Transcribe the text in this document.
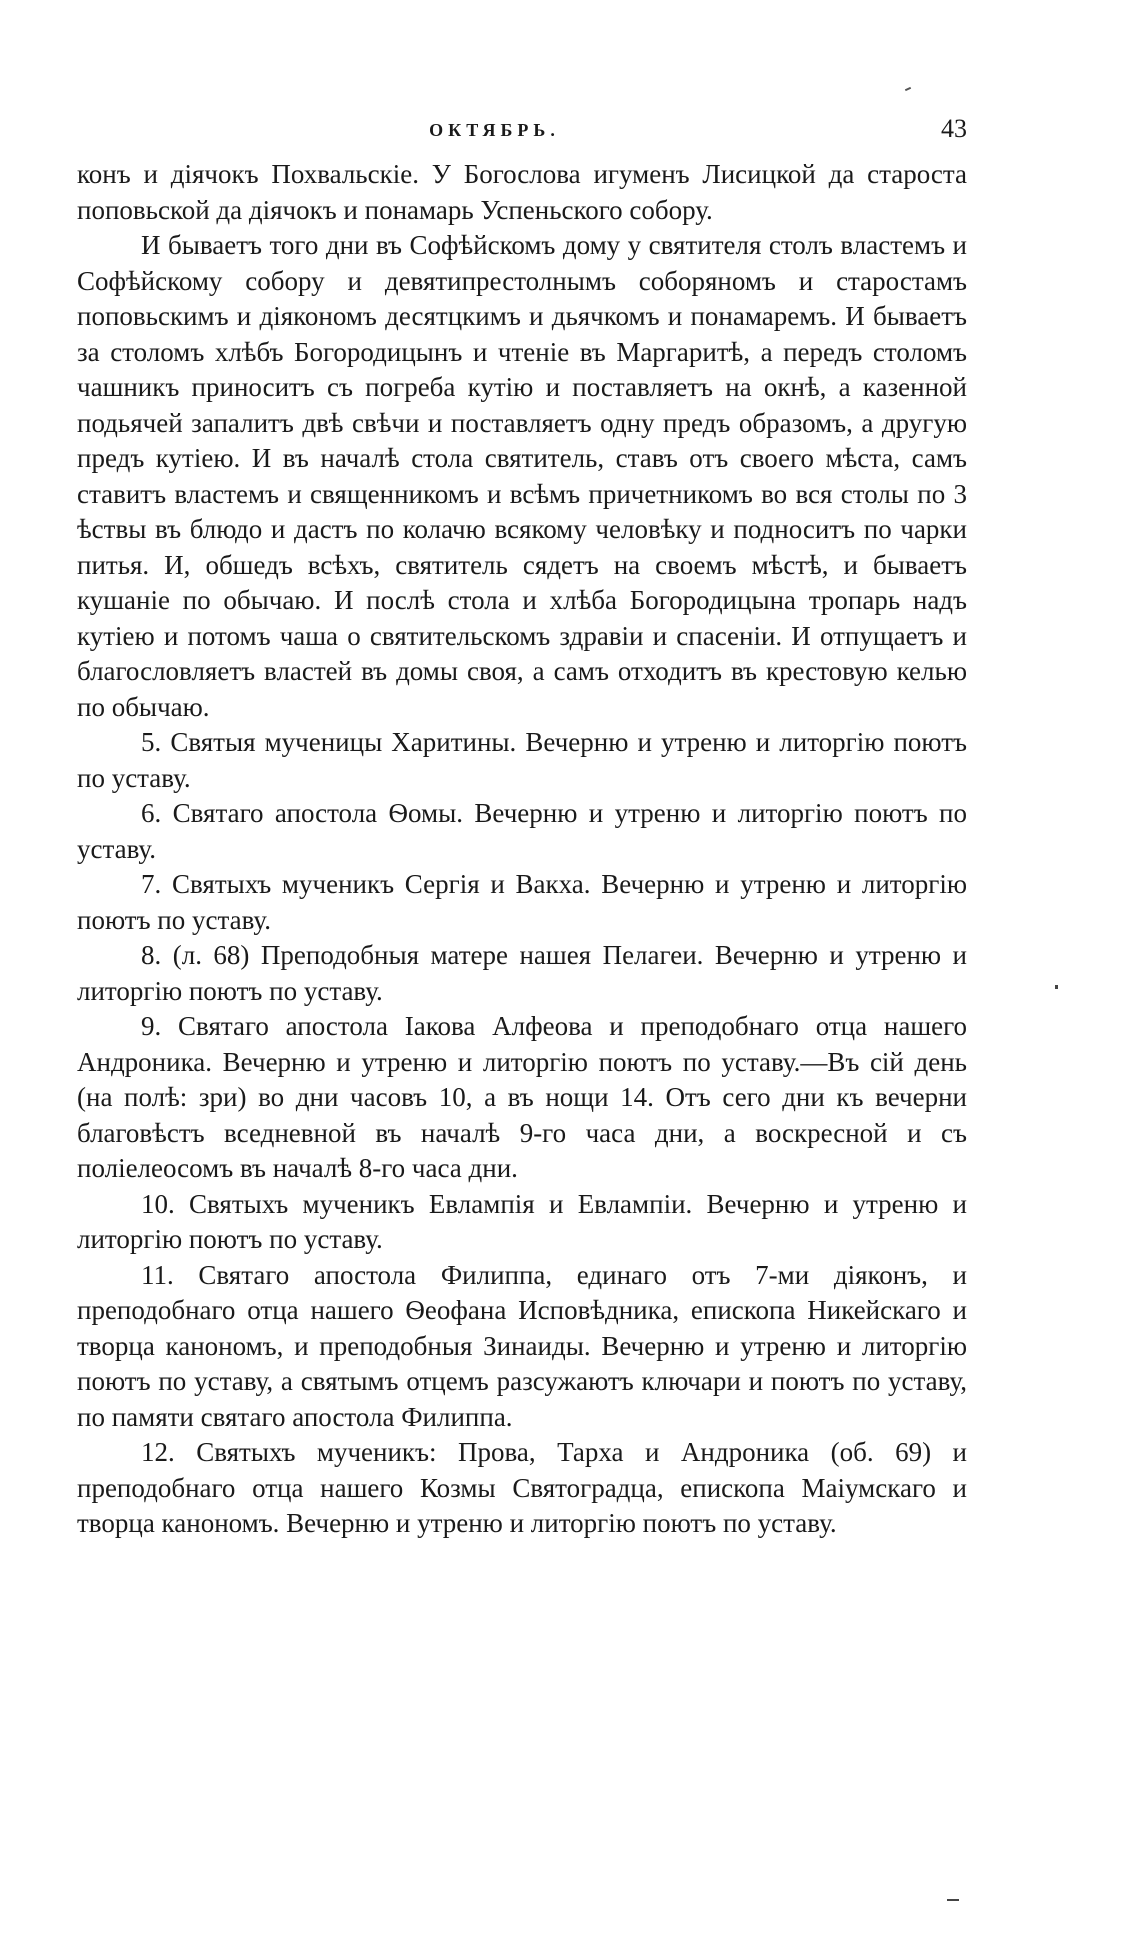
ОКТЯБРЬ.	43

конъ и дiячокъ Похвальскiе. У Богослова игуменъ Лисицкой да староста поповьской да дiячокъ и понамарь Успеньского собору.

И бываетъ того дни въ Софѣйскомъ дому у святителя столъ властемъ и Софѣйскому собору и девятипрестолнымъ соборяномъ и старостамъ поповьскимъ и дiякономъ десятцкимъ и дьячкомъ и понамаремъ. И бываетъ за столомъ хлѣбъ Богородицынъ и чтенiе въ Маргаритѣ, а передъ столомъ чашникъ приноситъ съ погреба кутiю и поставляетъ на окнѣ, а казенной подьячей запалитъ двѣ свѣчи и поставляетъ одну предъ образомъ, а другую предъ кутiею. И въ началѣ стола святитель, ставъ отъ своего мѣста, самъ ставитъ властемъ и священникомъ и всѣмъ причетникомъ во вся столы по 3 ѣствы въ блюдо и дастъ по колачю всякому человѣку и подноситъ по чарки питья. И, обшедъ всѣхъ, святитель сядетъ на своемъ мѣстѣ, и бываетъ кушанiе по обычаю. И послѣ стола и хлѣба Богородицына тропарь надъ кутiею и потомъ чаша о святительскомъ здравiи и спасенiи. И отпущаетъ и благословляетъ властей въ домы своя, а самъ отходитъ въ крестовую келью по обычаю.

5. Святыя мученицы Харитины. Вечерню и утреню и литоргiю поютъ по уставу.

6. Святаго апостола Ѳомы. Вечерню и утреню и литоргiю поютъ по уставу.

7. Святыхъ мученикъ Сергiя и Вакха. Вечерню и утреню и литоргiю поютъ по уставу.

8. (л. 68) Преподобныя матере нашея Пелагеи. Вечерню и утреню и литоргiю поютъ по уставу.

9. Святаго апостола Iакова Алфеова и преподобнаго отца нашего Андроника. Вечерню и утреню и литоргiю поютъ по уставу.—Въ сiй день (на полѣ: зри) во дни часовъ 10, а въ нощи 14. Отъ сего дни къ вечерни благовѣстъ вседневной въ началѣ 9-го часа дни, а воскресной и съ полiелеосомъ въ началѣ 8-го часа дни.

10. Святыхъ мученикъ Евлампiя и Евлампiи. Вечерню и утреню и литоргiю поютъ по уставу.

11. Святаго апостола Филиппа, единаго отъ 7-ми дiяконъ, и преподобнаго отца нашего Ѳеофана Исповѣдника, епископа Никейскаго и творца канономъ, и преподобныя Зинаиды. Вечерню и утреню и литоргiю поютъ по уставу, а святымъ отцемъ разсужаютъ ключари и поютъ по уставу, по памяти святаго апостола Филиппа.

12. Святыхъ мученикъ: Прова, Тарха и Андроника (об. 69) и преподобнаго отца нашего Козмы Святоградца, епископа Маiумскаго и творца канономъ. Вечерню и утреню и литоргiю поютъ по уставу.
